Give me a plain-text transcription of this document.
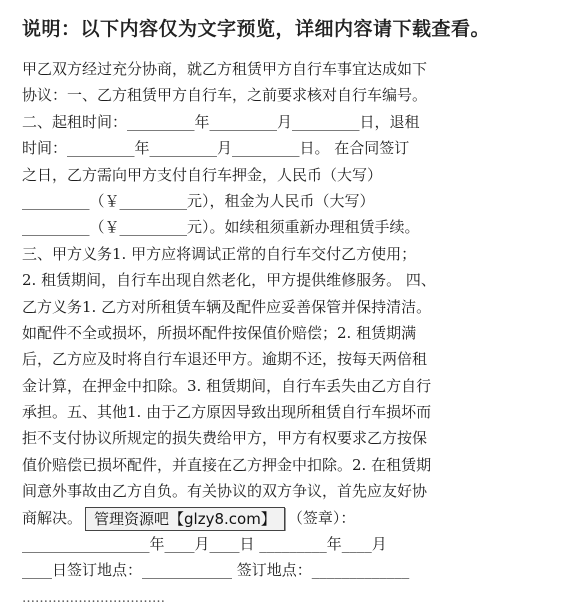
说明：以下内容仅为文字预览，详细内容请下载查看。
甲乙双方经过充分协商，就乙方租赁甲方自行车事宜达成如下
协议：一、乙方租赁甲方自行车，之前要求核对自行车编号。
二、起租时间：_________年_________月_________日，退租
时间：_________年_________月_________日。 在合同签订
之日，乙方需向甲方支付自行车押金，人民币（大写）
_________（￥_________元），租金为人民币（大写）
_________（￥_________元）。如续租须重新办理租赁手续。
三、甲方义务1. 甲方应将调试正常的自行车交付乙方使用；
2. 租赁期间，自行车出现自然老化，甲方提供维修服务。 四、
乙方义务1. 乙方对所租赁车辆及配件应妥善保管并保持清洁。
如配件不全或损坏，所损坏配件按保值价赔偿；2. 租赁期满
后，乙方应及时将自行车退还甲方。逾期不还，按每天两倍租
金计算，在押金中扣除。3. 租赁期间，自行车丢失由乙方自行
承担。五、其他1. 由于乙方原因导致出现所租赁自行车损坏而
拒不支付协议所规定的损失费给甲方，甲方有权要求乙方按保
值价赔偿已损坏配件，并直接在乙方押金中扣除。2. 在租赁期
间意外事故由乙方自负。有关协议的双方争议，首先应友好协
商解决。 管理资源吧【glzy8.com】 （签章）：
_________________年____月____日 _________年____月
____日签订地点：____________ 签订地点：_____________
……………………………
